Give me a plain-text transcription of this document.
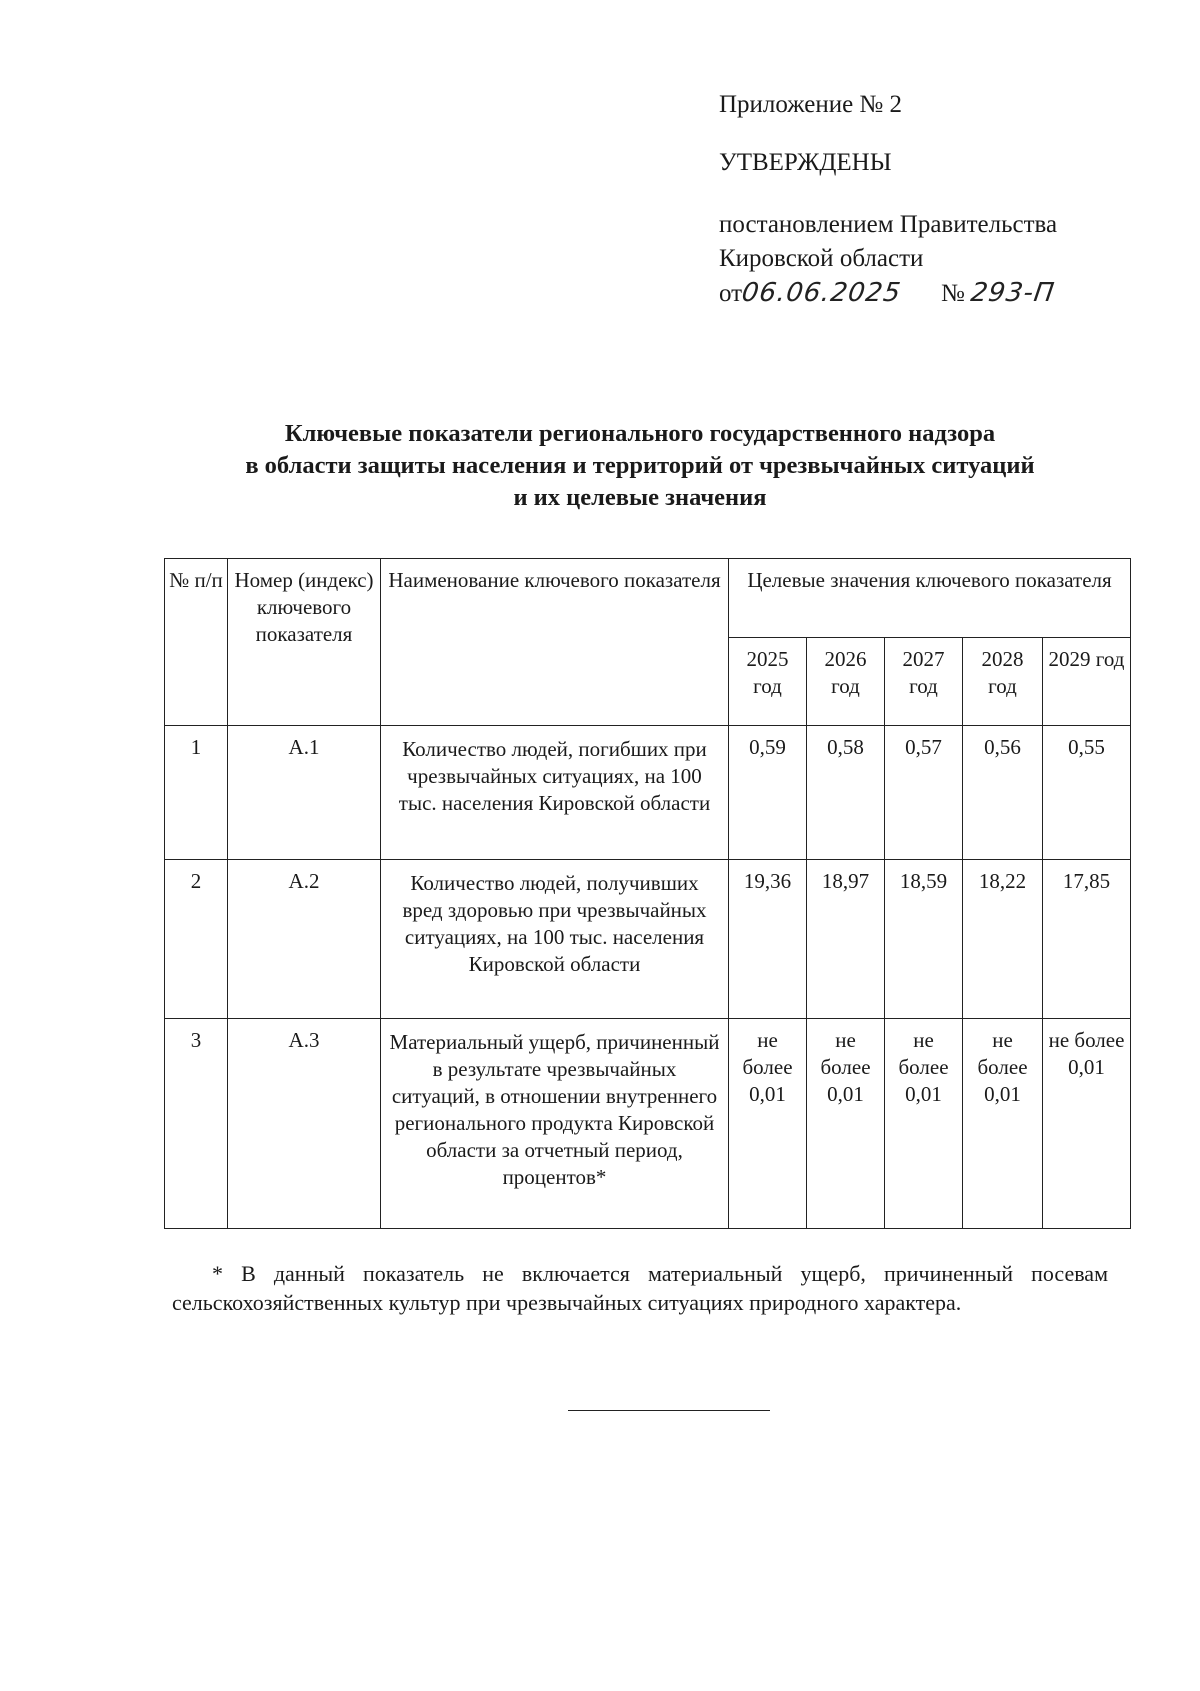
Приложение № 2
УТВЕРЖДЕНЫ
постановлением Правительства
Кировской области
от06.06.2025 № 293-П
Ключевые показатели регионального государственного надзора
в области защиты населения и территорий от чрезвычайных ситуаций
и их целевые значения
№ п/п	Номер (индекс) ключевого показателя	Наименование ключевого показателя	Целевые значения ключевого показателя				
			2025 год	2026 год	2027 год	2028 год	2029 год
1	А.1	Количество людей, погибших при чрезвычайных ситуациях, на 100 тыс. населения Кировской области	0,59	0,58	0,57	0,56	0,55
2	А.2	Количество людей, получивших вред здоровью при чрезвычайных ситуациях, на 100 тыс. населения Кировской области	19,36	18,97	18,59	18,22	17,85
3	А.3	Материальный ущерб, причиненный в результате чрезвычайных ситуаций, в отношении внутреннего регионального продукта Кировской области за отчетный период, процентов*	не более 0,01	не более 0,01	не более 0,01	не более 0,01	не более 0,01
* В данный показатель не включается материальный ущерб, причиненный посевам сельскохозяйственных культур при чрезвычайных ситуациях природного характера.
